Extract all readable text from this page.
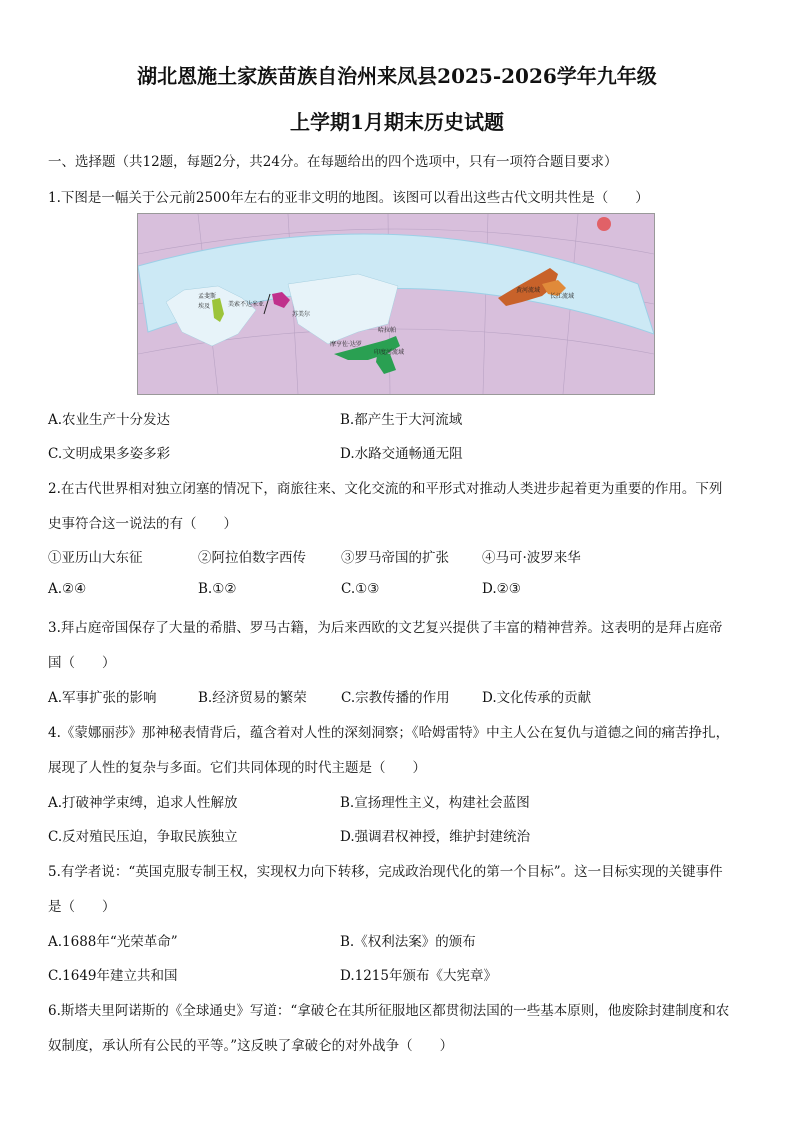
湖北恩施土家族苗族自治州来凤县2025-2026学年九年级
上学期1月期末历史试题
一、选择题（共12题，每题2分，共24分。在每题给出的四个选项中，只有一项符合题目要求）
1.下图是一幅关于公元前2500年左右的亚非文明的地图。该图可以看出这些古代文明共性是（　　）
孟斐斯
埃及	美索不达米亚
苏美尔
哈拉帕
摩亨佐·达罗
印度河流域
黄河流域
长江流域
A.农业生产十分发达	B.都产生于大河流域
C.文明成果多姿多彩	D.水路交通畅通无阻
2.在古代世界相对独立闭塞的情况下，商旅往来、文化交流的和平形式对推动人类进步起着更为重要的作用。下列
史事符合这一说法的有（　　）
①亚历山大东征	②阿拉伯数字西传	③罗马帝国的扩张 ④马可·波罗来华
A.②④	B.①②	C.①③	D.②③
3.拜占庭帝国保存了大量的希腊、罗马古籍，为后来西欧的文艺复兴提供了丰富的精神营养。这表明的是拜占庭帝
国（　　）
A.军事扩张的影响	B.经济贸易的繁荣	C.宗教传播的作用 D.文化传承的贡献
4.《蒙娜丽莎》那神秘表情背后，蕴含着对人性的深刻洞察；《哈姆雷特》中主人公在复仇与道德之间的痛苦挣扎，
展现了人性的复杂与多面。它们共同体现的时代主题是（　　）
A.打破神学束缚，追求人性解放	B.宣扬理性主义，构建社会蓝图
C.反对殖民压迫，争取民族独立	D.强调君权神授，维护封建统治
5.有学者说：“英国克服专制王权，实现权力向下转移，完成政治现代化的第一个目标”。这一目标实现的关键事件
是（　　）
A.1688年“光荣革命”	B.《权利法案》的颁布
C.1649年建立共和国	D.1215年颁布《大宪章》
6.斯塔夫里阿诺斯的《全球通史》写道：“拿破仑在其所征服地区都贯彻法国的一些基本原则，他废除封建制度和农
奴制度，承认所有公民的平等。”这反映了拿破仑的对外战争（　　）
